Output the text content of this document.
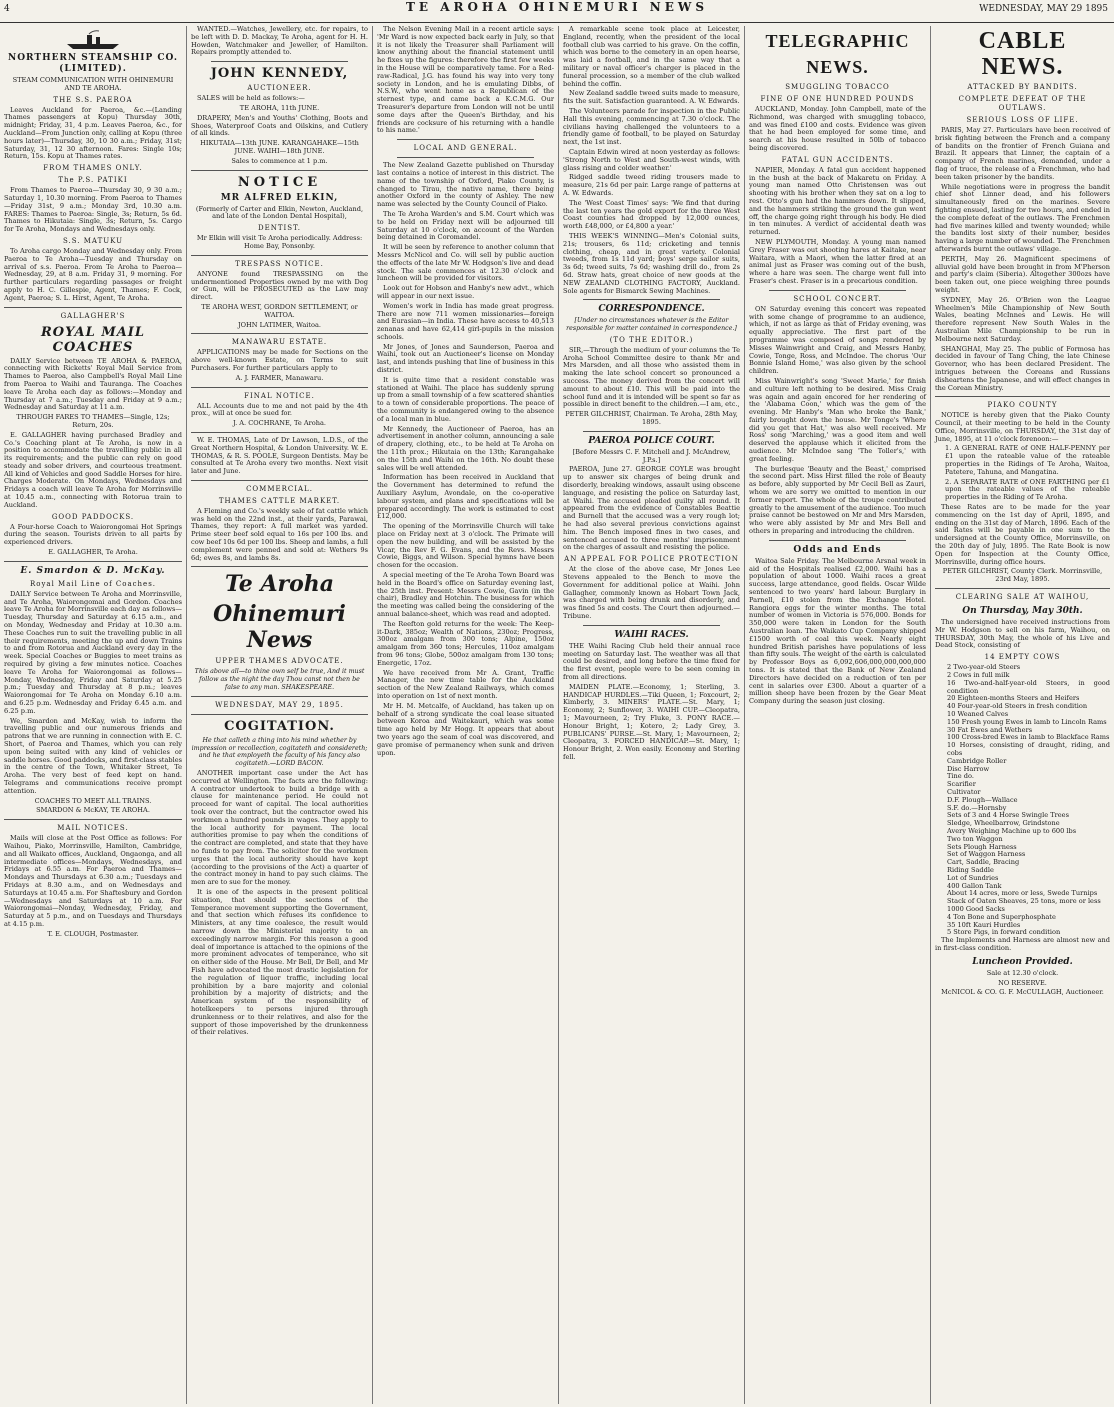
4	TE AROHA OHINEMURI NEWS	WEDNESDAY, MAY 29 1895
NORTHERN STEAMSHIP CO. (LIMITED).

STEAM COMMUNICATION WITH OHINEMURI AND TE AROHA.

THE S.S. PAEROA

Leaves Auckland for Paeroa, &c.—(Landing Thames passengers at Kopu) Thursday 30th, midnight; Friday, 31, 4 p.m. Leaves Paeroa, &c., for Auckland—From Junction only, calling at Kopu (three hours later)—Thursday, 30, 10 30 a.m.; Friday, 31st; Saturday, 31, 12 30 afternoon. Fares: Single 10s; Return, 15s. Kopu at Thames rates.

FROM THAMES ONLY.
The P.S. PATIKI

From Thames to Paeroa—Thursday 30, 9 30 a.m.; Saturday 1, 10.30 morning. From Paeroa to Thames—Friday 31st, 9 a.m.; Monday 3rd, 10.30 a.m. FARES: Thames to Paeroa: Single, 3s; Return, 5s 6d. Thames to Hikutaia: Single, 3s; Return, 5s. Cargo for Te Aroha, Mondays and Wednesdays only.

S.S. MATUKU

To Aroha cargo Monday and Wednesday only. From Paeroa to Te Aroha—Tuesday and Thursday on arrival of s.s. Paeroa. From Te Aroha to Paeroa—Wednesday, 29, at 8 a.m. Friday 31, 9 morning. For further particulars regarding passages or freight apply to H. C. Gillespie, Agent, Thames; F. Cock, Agent, Paeroa; S. L. Hirst, Agent, Te Aroha.

GALLAGHER'S
ROYAL MAIL COACHES

DAILY Service between TE AROHA & PAEROA, connecting with Ricketts' Royal Mail Service from Thames to Paeroa, also Campbell's Royal Mail Line from Paeroa to Waihi and Tauranga. The Coaches leave Te Aroha each day as follows:—Monday and Thursday at 7 a.m.; Tuesday and Friday at 9 a.m.; Wednesday and Saturday at 11 a.m.

THROUGH FARES TO THAMES—Single, 12s; Return, 20s.

E. GALLAGHER having purchased Bradley and Co.'s Coaching plant at Te Aroha, is now in a position to accommodate the travelling public in all its requirements; and the public can rely on good steady and sober drivers, and courteous treatment. All kind of Vehicles and good Saddle Horses for hire. Charges Moderate. On Mondays, Wednesdays and Fridays a coach will leave Te Aroha for Morrinsville at 10.45 a.m., connecting with Rotorua train to Auckland.

GOOD PADDOCKS.

A Four-horse Coach to Waiorongomai Hot Springs during the season. Tourists driven to all parts by experienced drivers.

E. GALLAGHER, Te Aroha.

E. Smardon & D. McKay.
Royal Mail Line of Coaches.

DAILY Service between Te Aroha and Morrinsville, and Te Aroha, Waiorongomai and Gordon. Coaches leave Te Aroha for Morrinsville each day as follows—Tuesday, Thursday and Saturday at 6.15 a.m., and on Monday, Wednesday and Friday at 10.30 a.m. These Coaches run to suit the travelling public in all their requirements, meeting the up and down Trains to and from Rotorua and Auckland every day in the week. Special Coaches or Buggies to meet trains as required by giving a few minutes notice. Coaches leave Te Aroha for Waiorongomai as follows—Monday, Wednesday, Friday and Saturday at 5.25 p.m.; Tuesday and Thursday at 8 p.m.; leaves Waiorongomai for Te Aroha on Monday 6.10 a.m. and 6.25 p.m. Wednesday and Friday 6.45 a.m. and 6.25 p.m.

We, Smardon and McKay, wish to inform the travelling public and our numerous friends and patrons that we are running in connection with E. C. Short, of Paeroa and Thames, which you can rely upon being suited with any kind of vehicles or saddle horses. Good paddocks, and first-class stables in the centre of the Town, Whitaker Street, Te Aroha. The very best of feed kept on hand. Telegrams and communications receive prompt attention.

COACHES TO MEET ALL TRAINS.

SMARDON & McKAY, TE AROHA.

MAIL NOTICES.

Mails will close at the Post Office as follows: For Waihou, Piako, Morrinsville, Hamilton, Cambridge, and all Waikato offices, Auckland, Ongaonga, and all intermediate offices—Mondays, Wednesdays, and Fridays at 6.55 a.m. For Paeroa and Thames—Mondays and Thursdays at 6.30 a.m.; Tuesdays and Fridays at 8.30 a.m., and on Wednesdays and Saturdays at 10.45 a.m. For Shaftesbury and Gordon—Wednesdays and Saturdays at 10 a.m. For Waiorongomai—Nonday, Wednesday, Friday, and Saturday at 5 p.m., and on Tuesdays and Thursdays at 4.15 p.m.

T. E. CLOUGH, Postmaster.

WANTED.—Watches, Jewellery, etc. for repairs, to be left with D. D. Mackay, Te Aroha, agent for H. H. Howden, Watchmaker and Jeweller, of Hamilton. Repairs promptly attended to.

JOHN KENNEDY,
AUCTIONEER.

SALES will be held as follows:—

TE AROHA, 11th JUNE.

DRAPERY, Men's and Youths' Clothing, Boots and Shoes, Waterproof Coats and Oilskins, and Cutlery of all kinds.

HIKUTAIA—13th JUNE. KARANGAHAKE—15th JUNE. WAIHI—18th JUNE.

Sales to commence at 1 p.m.

NOTICE
MR ALFRED ELKIN,

(Formerly of Carter and Elkin, Newton, Auckland, and late of the London Dental Hospital),

DENTIST.

Mr Elkin will visit Te Aroha periodically. Address: Home Bay, Ponsonby.

TRESPASS NOTICE.

ANYONE found TRESPASSING on the undermentioned Properties owned by me with Dog or Gun, will be PROSECUTED as the Law may direct.

TE AROHA WEST, GORDON SETTLEMENT, or WAITOA.

JOHN LATIMER, Waitoa.

MANAWARU ESTATE.

APPLICATIONS may be made for Sections on the above well-known Estate, on Terms to suit Purchasers. For further particulars apply to

A. J. FARMER, Manawaru.

FINAL NOTICE.

ALL Accounts due to me and not paid by the 4th prox., will at once be sued for.

J. A. COCHRANE, Te Aroha.

W. E. THOMAS, Late of Dr Lawson, L.D.S., of the Great Northern Hospital, & London University. W. E. THOMAS, & R. S. POOLE, Surgeon Dentists. May be consulted at Te Aroha every two months. Next visit later and June.

COMMERCIAL.
THAMES CATTLE MARKET.

A Fleming and Co.'s weekly sale of fat cattle which was held on the 22nd inst., at their yards, Parawai, Thames, they report: A full market was yarded. Prime steer beef sold equal to 16s per 100 lbs. and cow beef 10s 6d per 100 lbs. Sheep and lambs, a full complement were penned and sold at: Wethers 9s 6d; ewes 8s, and lambs 8s.

Te Aroha
Ohinemuri News
UPPER THAMES ADVOCATE.

This above all—to thine own self be true, And it must follow as the night the day Thou canst not then be false to any man. SHAKESPEARE.

WEDNESDAY, MAY 29, 1895.
COGITATION.

He that calleth a thing into his mind whether by impression or recollection, cogitateth and considereth; and he that employeth the faculty of his fancy also cogitateth.—LORD BACON.

ANOTHER important case under the Act has occurred at Wellington. The facts are the following: A contractor undertook to build a bridge with a clause for maintenance period. He could not proceed for want of capital. The local authorities took over the contract, but the contractor owed his workmen a hundred pounds in wages. They apply to the local authority for payment. The local authorities promise to pay when the conditions of the contract are completed, and state that they have no funds to pay from. The solicitor for the workmen urges that the local authority should have kept (according to the provisions of the Act) a quarter of the contract money in hand to pay such claims. The men are to sue for the money.

It is one of the aspects in the present political situation, that should the sections of the Temperance movement supporting the Government, and that section which refuses its confidence to Ministers, at any time coalesce, the result would narrow down the Ministerial majority to an exceedingly narrow margin. For this reason a good deal of importance is attached to the opinions of the more prominent advocates of temperance, who sit on either side of the House. Mr Bell, Dr Bell, and Mr Fish have advocated the most drastic legislation for the regulation of liquor traffic, including local prohibition by a bare majority and colonial prohibition by a majority of districts; and the American system of the responsibility of hotelkeepers to persons injured through drunkenness or to their relatives, and also for the support of those impoverished by the drunkenness of their relatives.

The Nelson Evening Mail in a recent article says: 'Mr Ward is now expected back early in July, so that it is not likely the Treasurer shall Parliament will know anything about the financial statement until he fixes up the figures: therefore the first few weeks in the House will be comparatively tame. For a Red-raw-Radical, J.G. has found his way into very tony society in London, and he is emulating Dibbs, of N.S.W., who went home as a Republican of the sternest type, and came back a K.C.M.G. Our Treasurer's departure from London will not be until some days after the Queen's Birthday, and his friends are cocksure of his returning with a handle to his name.'

LOCAL AND GENERAL.

The New Zealand Gazette published on Thursday last contains a notice of interest in this district. The name of the township of Oxford, Piako County, is changed to Tirau, the native name, there being another Oxford in the county of Ashley. The new name was selected by the County Council of Piako.

The Te Aroha Warden's and S.M. Court which was to be held on Friday next will be adjourned till Saturday at 10 o'clock, on account of the Warden being detained in Coromandel.

It will be seen by reference to another column that Messrs McNicol and Co. will sell by public auction the effects of the late Mr W. Hodgson's live and dead stock. The sale commences at 12.30 o'clock and luncheon will be provided for visitors.

Look out for Hobson and Hanby's new advt., which will appear in our next issue.

Women's work in India has made great progress. There are now 711 women missionaries—foreign and Eurasian—in India. These have access to 40,513 zenanas and have 62,414 girl-pupils in the mission schools.

Mr Jones, of Jones and Saunderson, Paeroa and Waihi, took out an Auctioneer's license on Monday last, and intends pushing that line of business in this district.

It is quite time that a resident constable was stationed at Waihi. The place has suddenly sprung up from a small township of a few scattered shanties to a town of considerable proportions. The peace of the community is endangered owing to the absence of a local man in blue.

Mr Kennedy, the Auctioneer of Paeroa, has an advertisement in another column, announcing a sale of drapery, clothing, etc., to be held at Te Aroha on the 11th prox.; Hikutaia on the 13th; Karangahake on the 15th and Waihi on the 16th. No doubt these sales will be well attended.

Information has been received in Auckland that the Government has determined to refund the Auxiliary Asylum, Avondale, on the co-operative labour system, and plans and specifications will be prepared accordingly. The work is estimated to cost £12,000.

The opening of the Morrinsville Church will take place on Friday next at 3 o'clock. The Primate will open the new building, and will be assisted by the Vicar, the Rev F. G. Evans, and the Revs. Messrs Cowie, Biggs, and Wilson. Special hymns have been chosen for the occasion.

A special meeting of the Te Aroha Town Board was held in the Board's office on Saturday evening last, the 25th inst. Present: Messrs Cowie, Gavin (in the chair), Bradley and Hotchin. The business for which the meeting was called being the considering of the annual balance-sheet, which was read and adopted.

The Reefton gold returns for the week: The Keep-it-Dark, 385oz; Wealth of Nations, 230oz; Progress, 300oz amalgam from 300 tons; Alpine, 150oz amalgam from 360 tons; Hercules, 110oz amalgam from 96 tons; Globe, 500oz amalgam from 130 tons; Energetic, 17oz.

We have received from Mr A. Grant, Traffic Manager, the new time table for the Auckland section of the New Zealand Railways, which comes into operation on 1st of next month.

Mr H. M. Metcalfe, of Auckland, has taken up on behalf of a strong syndicate the coal lease situated between Koroa and Waitekauri, which was some time ago held by Mr Hogg. It appears that about two years ago the seam of coal was discovered, and gave promise of permanency when sunk and driven upon.

A remarkable scene took place at Leicester, England, recently, when the president of the local football club was carried to his grave. On the coffin, which was borne to the cemetery in an open hearse, was laid a football, and in the same way that a military or naval officer's charger is placed in the funeral procession, so a member of the club walked behind the coffin.

New Zealand saddle tweed suits made to measure, fits the suit. Satisfaction guaranteed. A. W. Edwards.

The Volunteers parade for inspection in the Public Hall this evening, commencing at 7.30 o'clock. The civilians having challenged the volunteers to a friendly game of football, to be played on Saturday next, the 1st inst.

Captain Edwin wired at noon yesterday as follows: 'Strong North to West and South-west winds, with glass rising and colder weather.'

Ridged saddle tweed riding trousers made to measure, 21s 6d per pair. Large range of patterns at A. W. Edwards.

The 'West Coast Times' says: 'We find that during the last ten years the gold export for the three West Coast counties had dropped by 12,000 ounces, worth £48,000, or £4,800 a year.'

THIS WEEK'S WINNING—Men's Colonial suits, 21s; trousers, 6s 11d; cricketing and tennis clothing, cheap, and in great variety. Colonial tweeds, from 1s 11d yard; boys' serge sailor suits, 3s 6d; tweed suits, 7s 6d; washing drill do., from 2s 6d. Straw hats, great choice of new goods at the NEW ZEALAND CLOTHING FACTORY, Auckland. Sole agents for Bismarck Sewing Machines.

CORRESPONDENCE.

[Under no circumstances whatever is the Editor responsible for matter contained in correspondence.]

(TO THE EDITOR.)

SIR,—Through the medium of your columns the Te Aroha School Committee desire to thank Mr and Mrs Marsden, and all those who assisted them in making the late school concert so pronounced a success. The money derived from the concert will amount to about £10. This will be paid into the school fund and it is intended will be spent so far as possible in direct benefit to the children.—I am, etc.,

PETER GILCHRIST, Chairman. Te Aroha, 28th May, 1895.

PAEROA POLICE COURT.

[Before Messrs C. F. Mitchell and J. McAndrew, J.P.s.]

PAEROA, June 27. GEORGE COYLE was brought up to answer six charges of being drunk and disorderly, breaking windows, assault using obscene language, and resisting the police on Saturday last, at Waihi. The accused pleaded guilty all round. It appeared from the evidence of Constables Beattie and Burnell that the accused was a very rough lot; he had also several previous convictions against him. The Bench imposed fines in two cases, and sentenced accused to three months' imprisonment on the charges of assault and resisting the police.

AN APPEAL FOR POLICE PROTECTION

At the close of the above case, Mr Jones Lee Stevens appealed to the Bench to move the Government for additional police at Waihi. John Gallagher, commonly known as Hobart Town Jack, was charged with being drunk and disorderly, and was fined 5s and costs. The Court then adjourned.—Tribune.

WAIHI RACES.

THE Waihi Racing Club held their annual race meeting on Saturday last. The weather was all that could be desired, and long before the time fixed for the first event, people were to be seen coming in from all directions.

MAIDEN PLATE.—Economy, 1; Sterling, 3. HANDICAP HURDLES.—Tiki Queen, 1; Foxcourt, 2; Kimberly, 3. MINERS' PLATE.—St. Mary, 1; Economy, 2; Sunflower, 3. WAIHI CUP.—Cleopatra, 1; Mavourneen, 2; Try Fluke, 3. PONY RACE.—Honour Bright, 1; Kotero, 2; Lady Grey, 3. PUBLICANS' PURSE.—St. Mary, 1; Mavourneen, 2; Cleopatra, 3. FORCED HANDICAP.—St. Mary, 1; Honour Bright, 2. Won easily. Economy and Sterling fell.

TELEGRAPHIC NEWS.
SMUGGLING TOBACCO
FINE OF ONE HUNDRED POUNDS

AUCKLAND, Monday. John Campbell, mate of the Richmond, was charged with smuggling tobacco, and was fined £100 and costs. Evidence was given that he had been employed for some time, and search at his house resulted in 50lb of tobacco being discovered.

FATAL GUN ACCIDENTS.

NAPIER, Monday. A fatal gun accident happened in the bush at the back of Makaretu on Friday. A young man named Otto Christensen was out shooting with his brother when they sat on a log to rest. Otto's gun had the hammers down. It slipped, and the hammers striking the ground the gun went off, the charge going right through his body. He died in ten minutes. A verdict of accidental death was returned.

NEW PLYMOUTH, Monday. A young man named Grey Fraser was out shooting hares at Kaitake, near Waitara, with a Maori, when the latter fired at an animal just as Fraser was coming out of the bush, where a hare was seen. The charge went full into Fraser's chest. Fraser is in a precarious condition.

SCHOOL CONCERT.

ON Saturday evening this concert was repeated with some change of programme to an audience, which, if not as large as that of Friday evening, was equally appreciative. The first part of the programme was composed of songs rendered by Misses Wainwright and Craig, and Messrs Hanby, Cowie, Tonge, Ross, and McIndoe. The chorus 'Our Bonnie Island Home,' was also given by the school children.

Miss Wainwright's song 'Sweet Marie,' for finish and culture left nothing to be desired. Miss Craig was again and again encored for her rendering of the 'Alabama Coon,' which was the gem of the evening. Mr Hanby's 'Man who broke the Bank,' fairly brought down the house. Mr Tonge's 'Where did you get that Hat,' was also well received. Mr Ross' song 'Marching,' was a good item and well deserved the applause which it elicited from the audience. Mr McIndoe sang 'The Toller's,' with great feeling.

The burlesque 'Beauty and the Beast,' comprised the second part. Miss Hirst filled the role of Beauty as before, ably supported by Mr Cecil Bell as Zauri, whom we are sorry we omitted to mention in our former report. The whole of the troupe contributed greatly to the amusement of the audience. Too much praise cannot be bestowed on Mr and Mrs Marsden, who were ably assisted by Mr and Mrs Bell and others in preparing and introducing the children.

Odds and Ends

Waitoa Sale Friday. The Melbourne Arsnal week in aid of the Hospitals realised £2,000. Waihi has a population of about 1000. Waihi races a great success, large attendance, good fields. Oscar Wilde sentenced to two years' hard labour. Burglary in Parnell, £10 stolen from the Exchange Hotel. Rangiora eggs for the winter months. The total number of women in Victoria is 576,000. Bonds for 350,000 were taken in London for the South Australian loan. The Waikato Cup Company shipped £1500 worth of coal this week. Nearly eight hundred British parishes have populations of less than fifty souls. The weight of the earth is calculated by Professor Boys as 6,092,606,000,000,000,000 tons. It is stated that the Bank of New Zealand Directors have decided on a reduction of ten per cent in salaries over £300. About a quarter of a million sheep have been frozen by the Gear Meat Company during the season just closing.

CABLE NEWS.
ATTACKED BY BANDITS.
COMPLETE DEFEAT OF THE OUTLAWS.
SERIOUS LOSS OF LIFE.

PARIS, May 27. Particulars have been received of brisk fighting between the French and a company of bandits on the frontier of French Guiana and Brazil. It appears that Linner, the captain of a company of French marines, demanded, under a flag of truce, the release of a Frenchman, who had been taken prisoner by the bandits.

While negotiations were in progress the bandit chief shot Linner dead, and his followers simultaneously fired on the marines. Severe fighting ensued, lasting for two hours, and ended in the complete defeat of the outlaws. The Frenchmen had five marines killed and twenty wounded; while the bandits lost sixty of their number, besides having a large number of wounded. The Frenchmen afterwards burnt the outlaws' village.

PERTH, May 26. Magnificent specimens of alluvial gold have been brought in from M'Pherson and party's claim (Siberia). Altogether 300ozs have been taken out, one piece weighing three pounds weight.

SYDNEY, May 26. O'Brien won the League Wheelmen's Mile Championship of New South Wales, beating McInnes and Lewis. He will therefore represent New South Wales in the Australian Mile Championship to be run in Melbourne next Saturday.

SHANGHAI, May 25. The public of Formosa has decided in favour of Tang Ching, the late Chinese Governor, who has been declared President. The intrigues between the Coreans and Russians disheartens the Japanese, and will effect changes in the Corean Ministry.

PIAKO COUNTY

NOTICE is hereby given that the Piako County Council, at their meeting to be held in the County Office, Morrinsville, on THURSDAY, the 31st day of June, 1895, at 11 o'clock forenoon:—

1. A GENERAL RATE of ONE HALF-PENNY per £1 upon the rateable value of the rateable properties in the Ridings of Te Aroha, Waitoa, Patetere, Tahuna, and Mangatina.

2. A SEPARATE RATE of ONE FARTHING per £1 upon the rateable values of the rateable properties in the Riding of Te Aroha.

These Rates are to be made for the year commencing on the 1st day of April, 1895, and ending on the 31st day of March, 1896. Each of the said Rates will be payable in one sum to the undersigned at the County Office, Morrinsville, on the 20th day of July, 1895. The Rate Book is now Open for Inspection at the County Office, Morrinsville, during office hours.

PETER GILCHRIST, County Clerk. Morrinsville, 23rd May, 1895.

CLEARING SALE AT WAIHOU,
On Thursday, May 30th.

The undersigned have received instructions from Mr W. Hodgson to sell on his farm, Waihou, on THURSDAY, 30th May, the whole of his Live and Dead Stock, consisting of

14 EMPTY COWS

2 Two-year-old Steers

2 Cows in full milk

16 Two-and-half-year-old Steers, in good condition

20 Eighteen-months Steers and Heifers

40 Four-year-old Steers in fresh condition

10 Weaned Calves

150 Fresh young Ewes in lamb to Lincoln Rams

30 Fat Ewes and Wethers

100 Cross-bred Ewes in lamb to Blackface Rams

10 Horses, consisting of draught, riding, and cobs

Cambridge Roller

Disc Harrow

Tine do.

Scarifier

Cultivator

D.F. Plough—Wallace

S.F. do.—Hornsby

Sets of 3 and 4 Horse Swingle Trees

Sledge, Wheelbarrow, Grindstone

Avery Weighing Machine up to 600 lbs

Two ton Waggon

Sets Plough Harness

Set of Waggon Harness

Cart, Saddle, Bracing

Riding Saddle

Lot of Sundries

400 Gallon Tank

About 14 acres, more or less, Swede Turnips

Stack of Oaten Sheaves, 25 tons, more or less

1000 Good Sacks

4 Ton Bone and Superphosphate

35 10ft Kauri Hurdles

5 Store Pigs, in forward condition

The Implements and Harness are almost new and in first-class condition.

Luncheon Provided.

Sale at 12.30 o'clock.

NO RESERVE.

McNICOL & CO. G. F. McCULLAGH, Auctioneer.
